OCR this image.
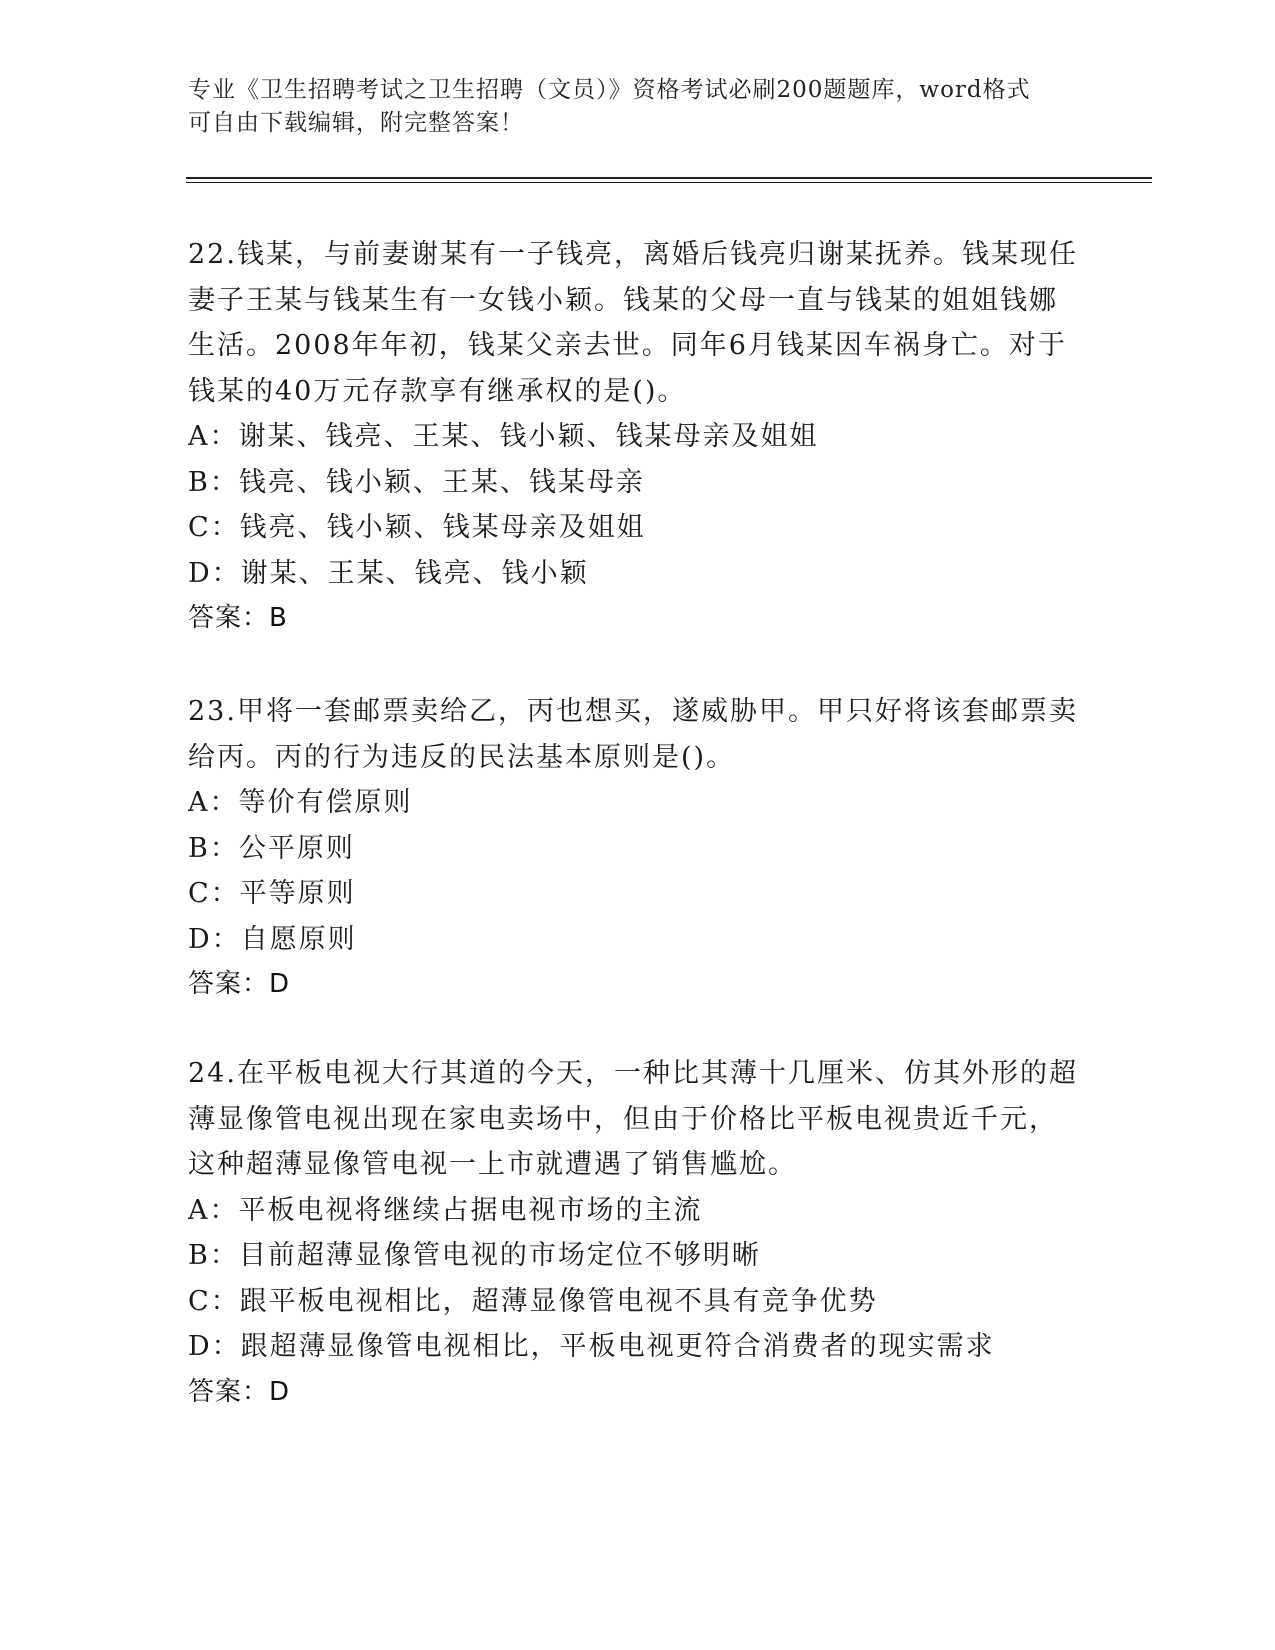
专业《卫生招聘考试之卫生招聘（文员）》资格考试必刷200题题库，word格式
可自由下载编辑，附完整答案！

22.钱某，与前妻谢某有一子钱亮，离婚后钱亮归谢某抚养。钱某现任

妻子王某与钱某生有一女钱小颖。钱某的父母一直与钱某的姐姐钱娜

生活。2008年年初，钱某父亲去世。同年6月钱某因车祸身亡。对于

钱某的40万元存款享有继承权的是()。

A：谢某、钱亮、王某、钱小颖、钱某母亲及姐姐

B：钱亮、钱小颖、王某、钱某母亲

C：钱亮、钱小颖、钱某母亲及姐姐

D：谢某、王某、钱亮、钱小颖

答案：B

23.甲将一套邮票卖给乙，丙也想买，遂威胁甲。甲只好将该套邮票卖

给丙。丙的行为违反的民法基本原则是()。

A：等价有偿原则

B：公平原则

C：平等原则

D：自愿原则

答案：D

24.在平板电视大行其道的今天，一种比其薄十几厘米、仿其外形的超

薄显像管电视出现在家电卖场中，但由于价格比平板电视贵近千元，

这种超薄显像管电视一上市就遭遇了销售尴尬。

A：平板电视将继续占据电视市场的主流

B：目前超薄显像管电视的市场定位不够明晰

C：跟平板电视相比，超薄显像管电视不具有竞争优势

D：跟超薄显像管电视相比，平板电视更符合消费者的现实需求

答案：D
